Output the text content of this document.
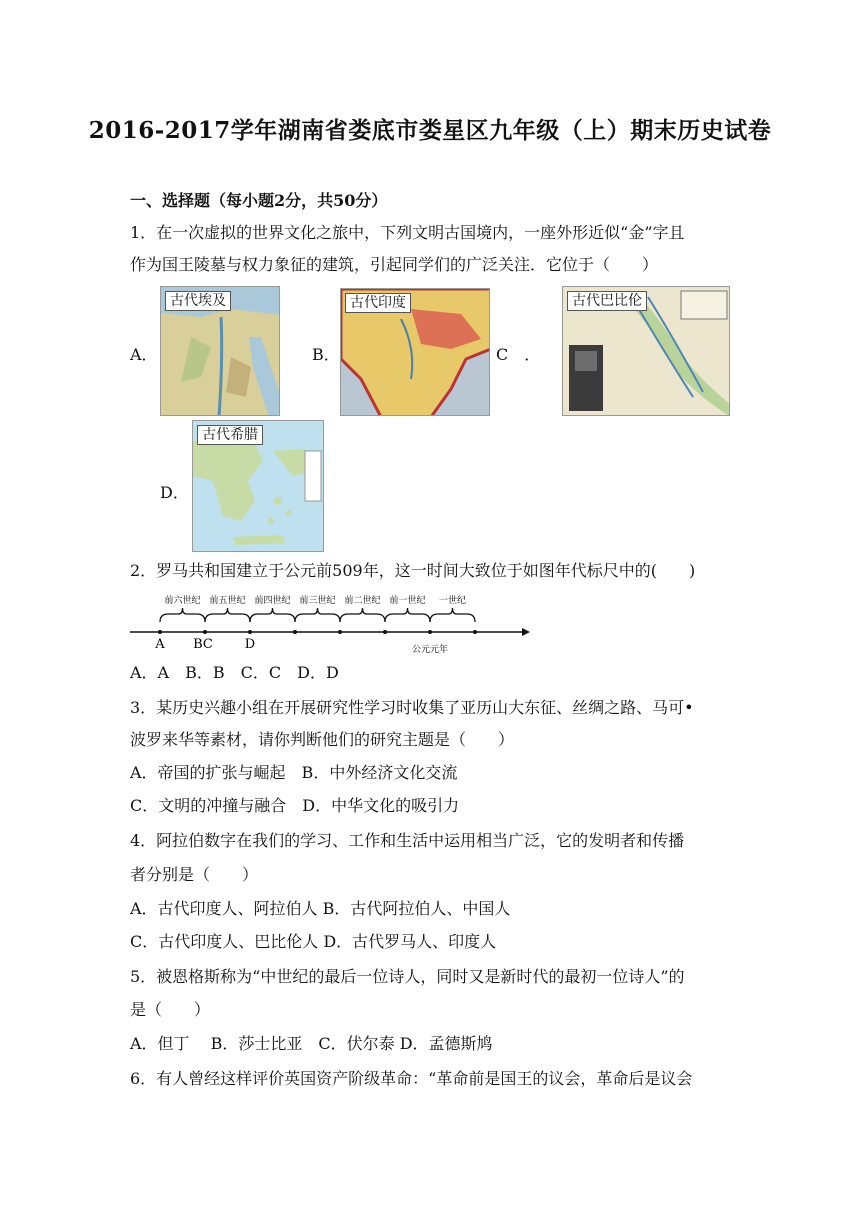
2016-2017学年湖南省娄底市娄星区九年级（上）期末历史试卷
一、选择题（每小题2分，共50分）
1．在一次虚拟的世界文化之旅中，下列文明古国境内，一座外形近似“金”字且
作为国王陵墓与权力象征的建筑，引起同学们的广泛关注．它位于（　　）
A．
古代埃及
B．
古代印度
C　．
古代巴比伦
D．
古代希腊
2．罗马共和国建立于公元前509年，这一时间大致位于如图年代标尺中的(　　)
前六世纪 前五世纪 前四世纪 前三世纪 前二世纪 前一世纪 一世纪
A BC D	公元元年
A．A　B．B　C．C　D．D
3．某历史兴趣小组在开展研究性学习时收集了亚历山大东征、丝绸之路、马可•
波罗来华等素材，请你判断他们的研究主题是（　　）
A．帝国的扩张与崛起　B．中外经济文化交流
C．文明的冲撞与融合　D．中华文化的吸引力
4．阿拉伯数字在我们的学习、工作和生活中运用相当广泛，它的发明者和传播
者分别是（　　）
A．古代印度人、阿拉伯人 B．古代阿拉伯人、中国人
C．古代印度人、巴比伦人 D．古代罗马人、印度人
5．被恩格斯称为“中世纪的最后一位诗人，同时又是新时代的最初一位诗人”的
是（　　）
A．但丁　 B．莎士比亚　C．伏尔泰 D．孟德斯鸠
6．有人曾经这样评价英国资产阶级革命：“革命前是国王的议会，革命后是议会
